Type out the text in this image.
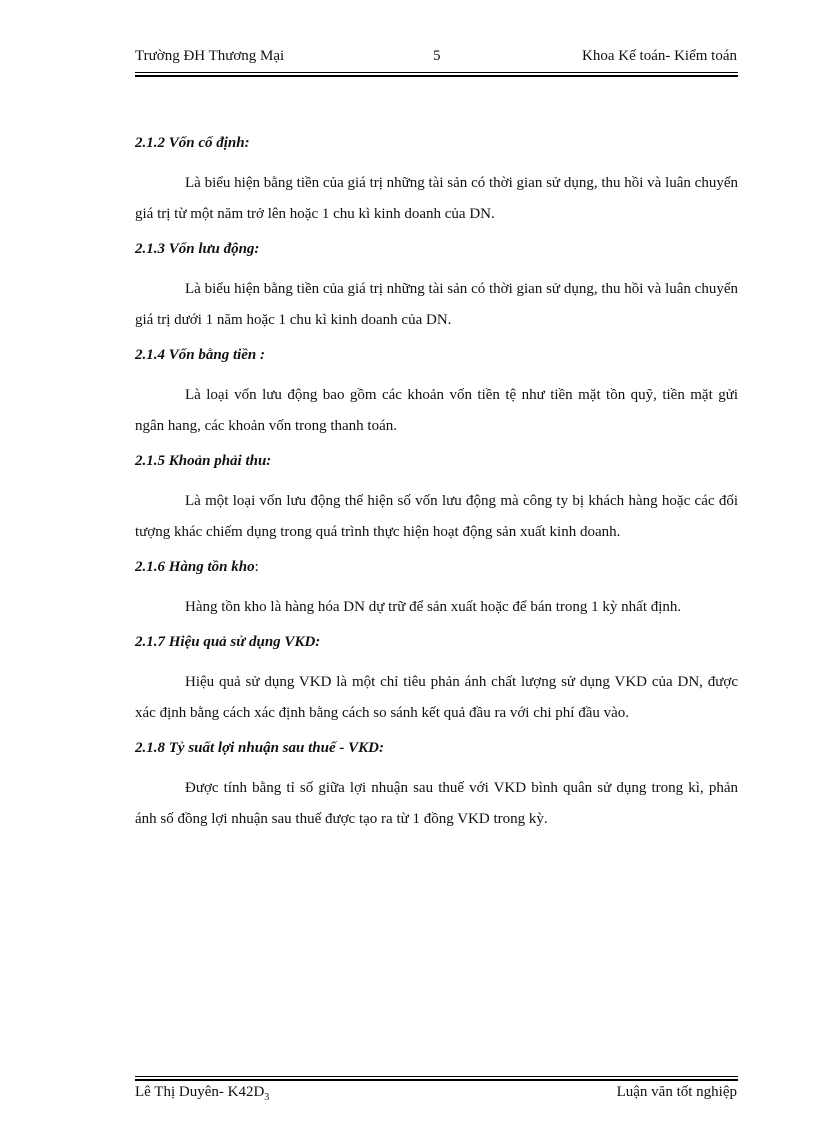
Trường ĐH Thương Mại	5	Khoa Kế toán- Kiểm toán

2.1.2 Vốn cố định:

Là biểu hiện bằng tiền của giá trị những tài sản có thời gian sử dụng, thu hồi và luân chuyển giá trị từ một năm trở lên hoặc 1 chu kì kinh doanh của DN.

2.1.3 Vốn lưu động:

Là biểu hiện bằng tiền của giá trị những tài sản có thời gian sử dụng, thu hồi và luân chuyển giá trị dưới 1 năm hoặc 1 chu kì kinh doanh của DN.

2.1.4 Vốn bằng tiền :

Là loại vốn lưu động bao gồm các khoản vốn tiền tệ như tiền mặt tồn quỹ, tiền mặt gửi ngân hang, các khoản vốn trong thanh toán.

2.1.5 Khoản phải thu:

Là một loại vốn lưu động thể hiện số vốn lưu động mà công ty bị khách hàng hoặc các đối tượng khác chiếm dụng trong quá trình thực hiện hoạt động sản xuất kinh doanh.

2.1.6 Hàng tồn kho:

Hàng tồn kho là hàng hóa DN dự trữ để sản xuất hoặc để bán trong 1 kỳ nhất định.

2.1.7 Hiệu quả sử dụng VKD:

Hiệu quả sử dụng VKD là một chỉ tiêu phản ánh chất lượng sử dụng VKD của DN, được xác định bằng cách xác định bằng cách so sánh kết quả đầu ra với chi phí đầu vào.

2.1.8 Tỷ suất lợi nhuận sau thuế - VKD:

Được tính bằng tỉ số giữa lợi nhuận sau thuế với VKD bình quân sử dụng trong kì, phản ánh số đồng lợi nhuận sau thuế được tạo ra từ 1 đồng VKD trong kỳ.

Lê Thị Duyên- $K42D_3$	Luận văn tốt nghiệp
